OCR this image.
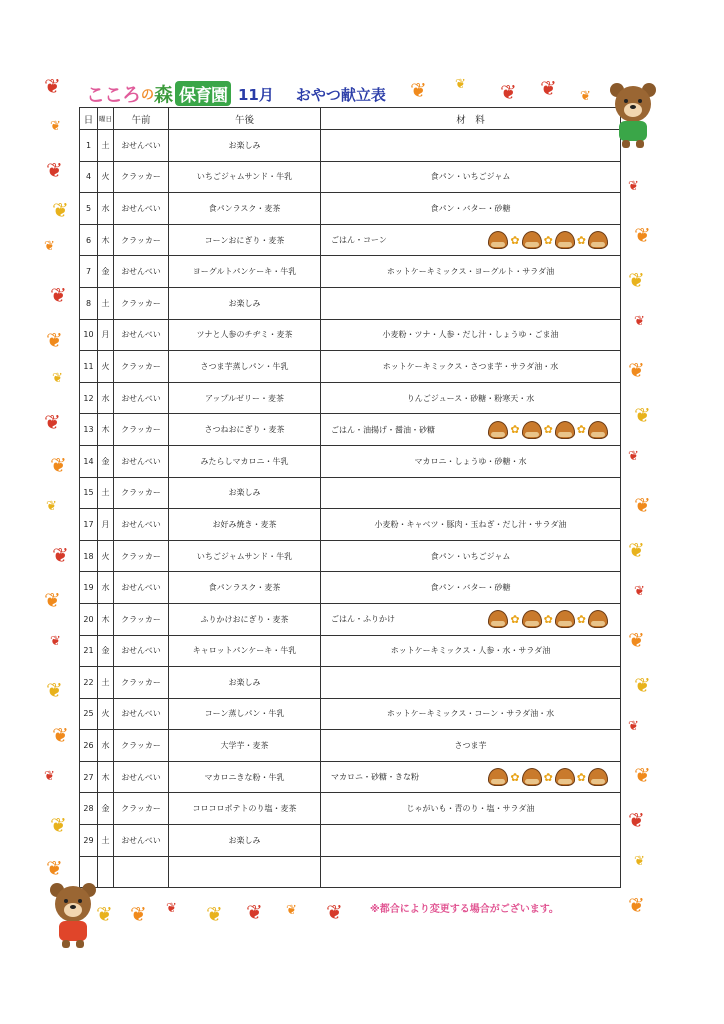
こころ の 森 保育園 11月 おやつ献立表
日	曜日	午前	午後	材　料
1	土	おせんべい	お楽しみ	
4	火	クラッカー	いちごジャムサンド・牛乳	食パン・いちごジャム
5	水	おせんべい	食パンラスク・麦茶	食パン・バター・砂糖
6	木	クラッカー	コーンおにぎり・麦茶	ごはん・コーン ✿ ✿ ✿

7	金	おせんべい	ヨーグルトパンケーキ・牛乳	ホットケーキミックス・ヨーグルト・サラダ油
8	土	クラッカー	お楽しみ	
10	月	おせんべい	ツナと人参のチヂミ・麦茶	小麦粉・ツナ・人参・だし汁・しょうゆ・ごま油
11	火	クラッカー	さつま芋蒸しパン・牛乳	ホットケーキミックス・さつま芋・サラダ油・水
12	水	おせんべい	アップルゼリー・麦茶	りんごジュース・砂糖・粉寒天・水
13	木	クラッカー	さつねおにぎり・麦茶	ごはん・油揚げ・醤油・砂糖 ✿ ✿ ✿

14	金	おせんべい	みたらしマカロニ・牛乳	マカロニ・しょうゆ・砂糖・水
15	土	クラッカー	お楽しみ	
17	月	おせんべい	お好み焼き・麦茶	小麦粉・キャベツ・豚肉・玉ねぎ・だし汁・サラダ油
18	火	クラッカー	いちごジャムサンド・牛乳	食パン・いちごジャム
19	水	おせんべい	食パンラスク・麦茶	食パン・バター・砂糖
20	木	クラッカー	ふりかけおにぎり・麦茶	ごはん・ふりかけ ✿ ✿ ✿

21	金	おせんべい	キャロットパンケーキ・牛乳	ホットケーキミックス・人参・水・サラダ油
22	土	クラッカー	お楽しみ	
25	火	おせんべい	コーン蒸しパン・牛乳	ホットケーキミックス・コーン・サラダ油・水
26	水	クラッカー	大学芋・麦茶	さつま芋
27	木	おせんべい	マカロニきな粉・牛乳	マカロニ・砂糖・きな粉 ✿ ✿ ✿

28	金	クラッカー	コロコロポテトのり塩・麦茶	じゃがいも・青のり・塩・サラダ油
29	土	おせんべい	お楽しみ	

※都合により変更する場合がございます。
❦
❦
❦
❦
❦
❦
❦
❦
❦
❦
❦
❦
❦
❦
❦
❦
❦
❦
❦
❦
❦
❦
❦
❦
❦
❦
❦
❦
❦
❦
❦
❦
❦
❦
❦
❦
❦ ❦ ❦ ❦ ❦
❦ ❦ ❦ ❦ ❦ ❦ ❦
